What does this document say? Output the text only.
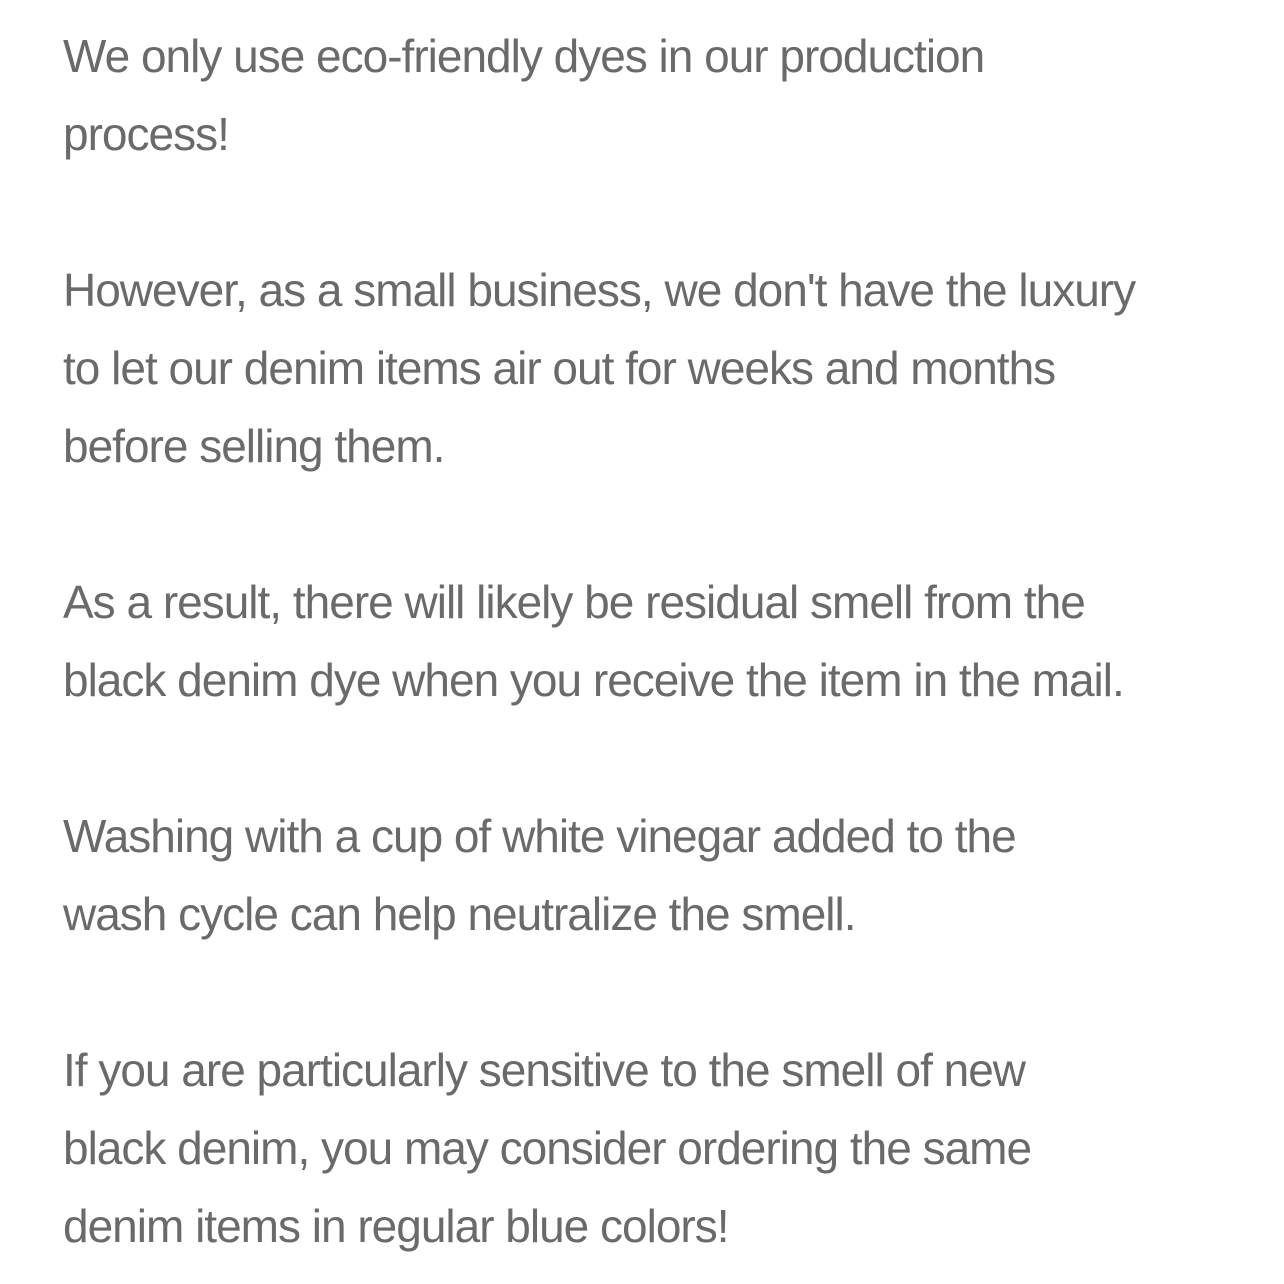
We only use eco-friendly dyes in our production
process!
However, as a small business, we don't have the luxury
to let our denim items air out for weeks and months
before selling them.
As a result, there will likely be residual smell from the
black denim dye when you receive the item in the mail.
Washing with a cup of white vinegar added to the
wash cycle can help neutralize the smell.
If you are particularly sensitive to the smell of new
black denim, you may consider ordering the same
denim items in regular blue colors!
